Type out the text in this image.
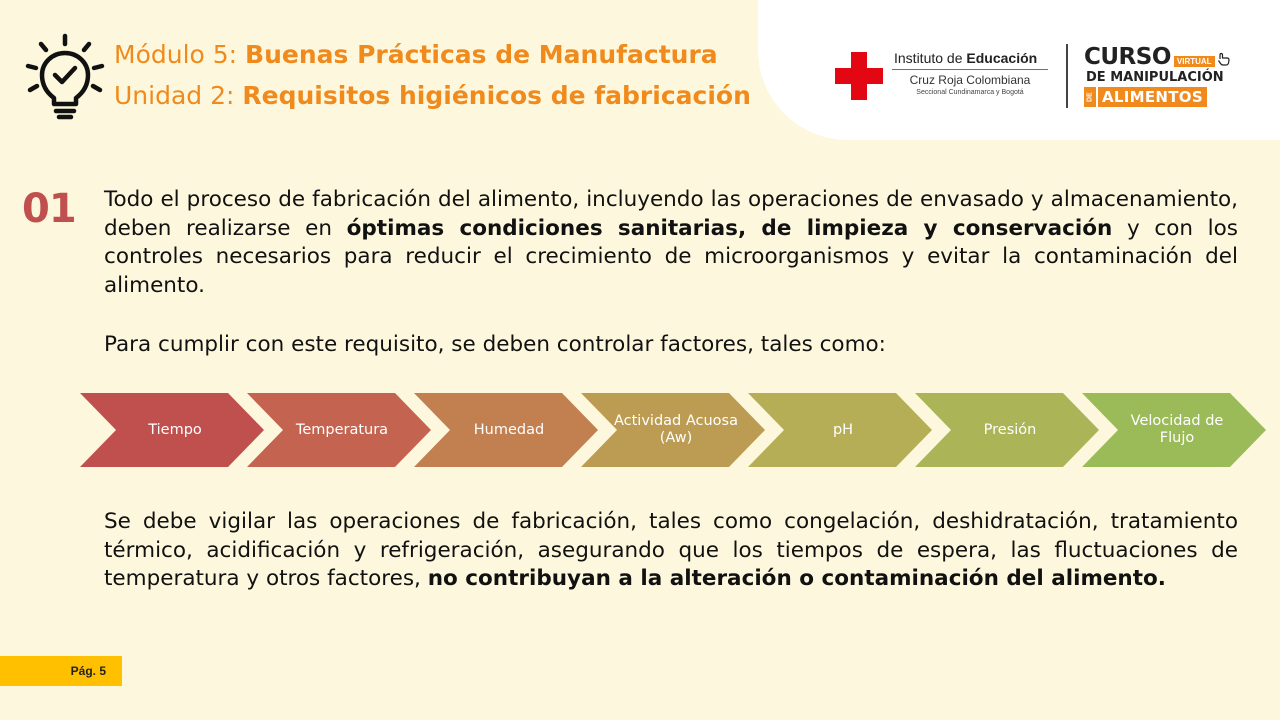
Módulo 5: Buenas Prácticas de Manufactura
Unidad 2: Requisitos higiénicos de fabricación
Instituto de Educación
Cruz Roja Colombiana
Seccional Cundinamarca y Bogotá
CURSO VIRTUAL
DE MANIPULACIÓN
DE ALIMENTOS
01 Todo el proceso de fabricación del alimento, incluyendo las operaciones de envasado y almacenamiento, deben realizarse en óptimas condiciones sanitarias, de limpieza y conservación y con los controles necesarios para reducir el crecimiento de microorganismos y evitar la contaminación del alimento.
Para cumplir con este requisito, se deben controlar factores, tales como:
Tiempo	Temperatura	Humedad
Actividad Acuosa (Aw)
pH	Presión
Velocidad de Flujo
Se debe vigilar las operaciones de fabricación, tales como congelación, deshidratación, tratamiento térmico, acidificación y refrigeración, asegurando que los tiempos de espera, las fluctuaciones de temperatura y otros factores, no contribuyan a la alteración o contaminación del alimento.
Pág. 5
